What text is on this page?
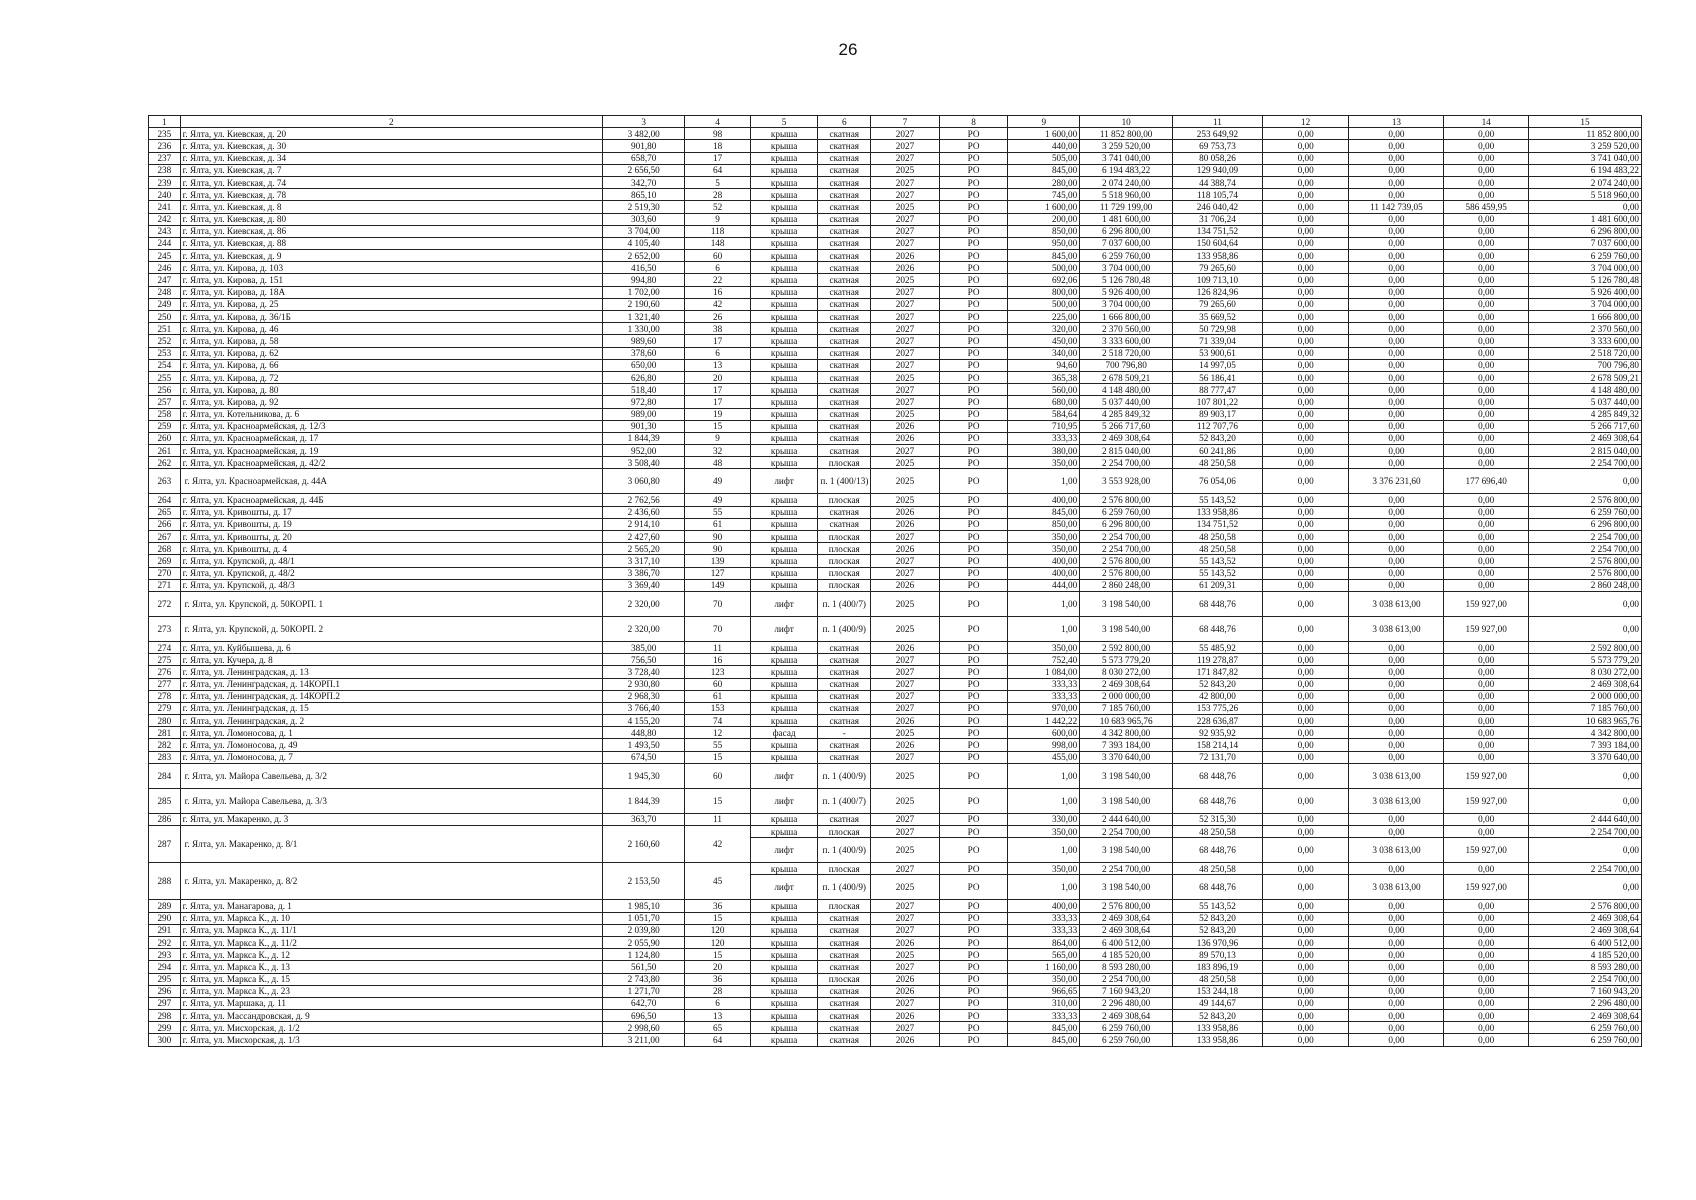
26
1	2	3	4	5	6	7	8	9	10	11	12	13	14	15
235	г. Ялта, ул. Киевская, д. 20	3 482,00	98	крыша	скатная	2027	РО	1 600,00	11 852 800,00	253 649,92	0,00	0,00	0,00	11 852 800,00
236	г. Ялта, ул. Киевская, д. 30	901,80	18	крыша	скатная	2027	РО	440,00	3 259 520,00	69 753,73	0,00	0,00	0,00	3 259 520,00
237	г. Ялта, ул. Киевская, д. 34	658,70	17	крыша	скатная	2027	РО	505,00	3 741 040,00	80 058,26	0,00	0,00	0,00	3 741 040,00
238	г. Ялта, ул. Киевская, д. 7	2 656,50	64	крыша	скатная	2025	РО	845,00	6 194 483,22	129 940,09	0,00	0,00	0,00	6 194 483,22
239	г. Ялта, ул. Киевская, д. 74	342,70	5	крыша	скатная	2027	РО	280,00	2 074 240,00	44 388,74	0,00	0,00	0,00	2 074 240,00
240	г. Ялта, ул. Киевская, д. 78	865,10	28	крыша	скатная	2027	РО	745,00	5 518 960,00	118 105,74	0,00	0,00	0,00	5 518 960,00
241	г. Ялта, ул. Киевская, д. 8	2 519,30	52	крыша	скатная	2025	РО	1 600,00	11 729 199,00	246 040,42	0,00	11 142 739,05	586 459,95	0,00
242	г. Ялта, ул. Киевская, д. 80	303,60	9	крыша	скатная	2027	РО	200,00	1 481 600,00	31 706,24	0,00	0,00	0,00	1 481 600,00
243	г. Ялта, ул. Киевская, д. 86	3 704,00	118	крыша	скатная	2027	РО	850,00	6 296 800,00	134 751,52	0,00	0,00	0,00	6 296 800,00
244	г. Ялта, ул. Киевская, д. 88	4 105,40	148	крыша	скатная	2027	РО	950,00	7 037 600,00	150 604,64	0,00	0,00	0,00	7 037 600,00
245	г. Ялта, ул. Киевская, д. 9	2 652,00	60	крыша	скатная	2026	РО	845,00	6 259 760,00	133 958,86	0,00	0,00	0,00	6 259 760,00
246	г. Ялта, ул. Кирова, д. 103	416,50	6	крыша	скатная	2026	РО	500,00	3 704 000,00	79 265,60	0,00	0,00	0,00	3 704 000,00
247	г. Ялта, ул. Кирова, д. 151	994,80	22	крыша	скатная	2025	РО	692,06	5 126 780,48	109 713,10	0,00	0,00	0,00	5 126 780,48
248	г. Ялта, ул. Кирова, д. 18А	1 702,00	16	крыша	скатная	2027	РО	800,00	5 926 400,00	126 824,96	0,00	0,00	0,00	5 926 400,00
249	г. Ялта, ул. Кирова, д. 25	2 190,60	42	крыша	скатная	2027	РО	500,00	3 704 000,00	79 265,60	0,00	0,00	0,00	3 704 000,00
250	г. Ялта, ул. Кирова, д. 36/1Б	1 321,40	26	крыша	скатная	2027	РО	225,00	1 666 800,00	35 669,52	0,00	0,00	0,00	1 666 800,00
251	г. Ялта, ул. Кирова, д. 46	1 330,00	38	крыша	скатная	2027	РО	320,00	2 370 560,00	50 729,98	0,00	0,00	0,00	2 370 560,00
252	г. Ялта, ул. Кирова, д. 58	989,60	17	крыша	скатная	2027	РО	450,00	3 333 600,00	71 339,04	0,00	0,00	0,00	3 333 600,00
253	г. Ялта, ул. Кирова, д. 62	378,60	6	крыша	скатная	2027	РО	340,00	2 518 720,00	53 900,61	0,00	0,00	0,00	2 518 720,00
254	г. Ялта, ул. Кирова, д. 66	650,00	13	крыша	скатная	2027	РО	94,60	700 796,80	14 997,05	0,00	0,00	0,00	700 796,80
255	г. Ялта, ул. Кирова, д. 72	626,80	20	крыша	скатная	2025	РО	365,38	2 678 509,21	56 186,41	0,00	0,00	0,00	2 678 509,21
256	г. Ялта, ул. Кирова, д. 80	518,40	17	крыша	скатная	2027	РО	560,00	4 148 480,00	88 777,47	0,00	0,00	0,00	4 148 480,00
257	г. Ялта, ул. Кирова, д. 92	972,80	17	крыша	скатная	2027	РО	680,00	5 037 440,00	107 801,22	0,00	0,00	0,00	5 037 440,00
258	г. Ялта, ул. Котельникова, д. 6	989,00	19	крыша	скатная	2025	РО	584,64	4 285 849,32	89 903,17	0,00	0,00	0,00	4 285 849,32
259	г. Ялта, ул. Красноармейская, д. 12/3	901,30	15	крыша	скатная	2026	РО	710,95	5 266 717,60	112 707,76	0,00	0,00	0,00	5 266 717,60
260	г. Ялта, ул. Красноармейская, д. 17	1 844,39	9	крыша	скатная	2026	РО	333,33	2 469 308,64	52 843,20	0,00	0,00	0,00	2 469 308,64
261	г. Ялта, ул. Красноармейская, д. 19	952,00	32	крыша	скатная	2027	РО	380,00	2 815 040,00	60 241,86	0,00	0,00	0,00	2 815 040,00
262	г. Ялта, ул. Красноармейская, д. 42/2	3 508,40	48	крыша	плоская	2025	РО	350,00	2 254 700,00	48 250,58	0,00	0,00	0,00	2 254 700,00
263	г. Ялта, ул. Красноармейская, д. 44А	3 060,80	49	лифт	п. 1 (400/13)	2025	РО	1,00	3 553 928,00	76 054,06	0,00	3 376 231,60	177 696,40	0,00
264	г. Ялта, ул. Красноармейская, д. 44Б	2 762,56	49	крыша	плоская	2025	РО	400,00	2 576 800,00	55 143,52	0,00	0,00	0,00	2 576 800,00
265	г. Ялта, ул. Кривошты, д. 17	2 436,60	55	крыша	скатная	2026	РО	845,00	6 259 760,00	133 958,86	0,00	0,00	0,00	6 259 760,00
266	г. Ялта, ул. Кривошты, д. 19	2 914,10	61	крыша	скатная	2026	РО	850,00	6 296 800,00	134 751,52	0,00	0,00	0,00	6 296 800,00
267	г. Ялта, ул. Кривошты, д. 20	2 427,60	90	крыша	плоская	2027	РО	350,00	2 254 700,00	48 250,58	0,00	0,00	0,00	2 254 700,00
268	г. Ялта, ул. Кривошты, д. 4	2 565,20	90	крыша	плоская	2026	РО	350,00	2 254 700,00	48 250,58	0,00	0,00	0,00	2 254 700,00
269	г. Ялта, ул. Крупской, д. 48/1	3 317,10	139	крыша	плоская	2027	РО	400,00	2 576 800,00	55 143,52	0,00	0,00	0,00	2 576 800,00
270	г. Ялта, ул. Крупской, д. 48/2	3 386,70	127	крыша	плоская	2027	РО	400,00	2 576 800,00	55 143,52	0,00	0,00	0,00	2 576 800,00
271	г. Ялта, ул. Крупской, д. 48/3	3 369,40	149	крыша	плоская	2026	РО	444,00	2 860 248,00	61 209,31	0,00	0,00	0,00	2 860 248,00
272	г. Ялта, ул. Крупской, д. 50КОРП. 1	2 320,00	70	лифт	п. 1 (400/7)	2025	РО	1,00	3 198 540,00	68 448,76	0,00	3 038 613,00	159 927,00	0,00
273	г. Ялта, ул. Крупской, д. 50КОРП. 2	2 320,00	70	лифт	п. 1 (400/9)	2025	РО	1,00	3 198 540,00	68 448,76	0,00	3 038 613,00	159 927,00	0,00
274	г. Ялта, ул. Куйбышева, д. 6	385,00	11	крыша	скатная	2026	РО	350,00	2 592 800,00	55 485,92	0,00	0,00	0,00	2 592 800,00
275	г. Ялта, ул. Кучера, д. 8	756,50	16	крыша	скатная	2027	РО	752,40	5 573 779,20	119 278,87	0,00	0,00	0,00	5 573 779,20
276	г. Ялта, ул. Ленинградская, д. 13	3 728,40	123	крыша	скатная	2027	РО	1 084,00	8 030 272,00	171 847,82	0,00	0,00	0,00	8 030 272,00
277	г. Ялта, ул. Ленинградская, д. 14КОРП.1	2 930,80	60	крыша	скатная	2027	РО	333,33	2 469 308,64	52 843,20	0,00	0,00	0,00	2 469 308,64
278	г. Ялта, ул. Ленинградская, д. 14КОРП.2	2 968,30	61	крыша	скатная	2027	РО	333,33	2 000 000,00	42 800,00	0,00	0,00	0,00	2 000 000,00
279	г. Ялта, ул. Ленинградская, д. 15	3 766,40	153	крыша	скатная	2027	РО	970,00	7 185 760,00	153 775,26	0,00	0,00	0,00	7 185 760,00
280	г. Ялта, ул. Ленинградская, д. 2	4 155,20	74	крыша	скатная	2026	РО	1 442,22	10 683 965,76	228 636,87	0,00	0,00	0,00	10 683 965,76
281	г. Ялта, ул. Ломоносова, д. 1	448,80	12	фасад	-	2025	РО	600,00	4 342 800,00	92 935,92	0,00	0,00	0,00	4 342 800,00
282	г. Ялта, ул. Ломоносова, д. 49	1 493,50	55	крыша	скатная	2026	РО	998,00	7 393 184,00	158 214,14	0,00	0,00	0,00	7 393 184,00
283	г. Ялта, ул. Ломоносова, д. 7	674,50	15	крыша	скатная	2027	РО	455,00	3 370 640,00	72 131,70	0,00	0,00	0,00	3 370 640,00
284	г. Ялта, ул. Майора Савельева, д. 3/2	1 945,30	60	лифт	п. 1 (400/9)	2025	РО	1,00	3 198 540,00	68 448,76	0,00	3 038 613,00	159 927,00	0,00
285	г. Ялта, ул. Майора Савельева, д. 3/3	1 844,39	15	лифт	п. 1 (400/7)	2025	РО	1,00	3 198 540,00	68 448,76	0,00	3 038 613,00	159 927,00	0,00
286	г. Ялта, ул. Макаренко, д. 3	363,70	11	крыша	скатная	2027	РО	330,00	2 444 640,00	52 315,30	0,00	0,00	0,00	2 444 640,00
287	г. Ялта, ул. Макаренко, д. 8/1	2 160,60	42	крыша	плоская	2027	РО	350,00	2 254 700,00	48 250,58	0,00	0,00	0,00	2 254 700,00
				лифт	п. 1 (400/9)	2025	РО	1,00	3 198 540,00	68 448,76	0,00	3 038 613,00	159 927,00	0,00
288	г. Ялта, ул. Макаренко, д. 8/2	2 153,50	45	крыша	плоская	2027	РО	350,00	2 254 700,00	48 250,58	0,00	0,00	0,00	2 254 700,00
				лифт	п. 1 (400/9)	2025	РО	1,00	3 198 540,00	68 448,76	0,00	3 038 613,00	159 927,00	0,00
289	г. Ялта, ул. Манагарова, д. 1	1 985,10	36	крыша	плоская	2027	РО	400,00	2 576 800,00	55 143,52	0,00	0,00	0,00	2 576 800,00
290	г. Ялта, ул. Маркса К., д. 10	1 051,70	15	крыша	скатная	2027	РО	333,33	2 469 308,64	52 843,20	0,00	0,00	0,00	2 469 308,64
291	г. Ялта, ул. Маркса К., д. 11/1	2 039,80	120	крыша	скатная	2027	РО	333,33	2 469 308,64	52 843,20	0,00	0,00	0,00	2 469 308,64
292	г. Ялта, ул. Маркса К., д. 11/2	2 055,90	120	крыша	скатная	2026	РО	864,00	6 400 512,00	136 970,96	0,00	0,00	0,00	6 400 512,00
293	г. Ялта, ул. Маркса К., д. 12	1 124,80	15	крыша	скатная	2025	РО	565,00	4 185 520,00	89 570,13	0,00	0,00	0,00	4 185 520,00
294	г. Ялта, ул. Маркса К., д. 13	561,50	20	крыша	скатная	2027	РО	1 160,00	8 593 280,00	183 896,19	0,00	0,00	0,00	8 593 280,00
295	г. Ялта, ул. Маркса К., д. 15	2 743,80	36	крыша	плоская	2026	РО	350,00	2 254 700,00	48 250,58	0,00	0,00	0,00	2 254 700,00
296	г. Ялта, ул. Маркса К., д. 23	1 271,70	28	крыша	скатная	2026	РО	966,65	7 160 943,20	153 244,18	0,00	0,00	0,00	7 160 943,20
297	г. Ялта, ул. Маршака, д. 11	642,70	6	крыша	скатная	2027	РО	310,00	2 296 480,00	49 144,67	0,00	0,00	0,00	2 296 480,00
298	г. Ялта, ул. Массандровская, д. 9	696,50	13	крыша	скатная	2026	РО	333,33	2 469 308,64	52 843,20	0,00	0,00	0,00	2 469 308,64
299	г. Ялта, ул. Мисхорская, д. 1/2	2 998,60	65	крыша	скатная	2027	РО	845,00	6 259 760,00	133 958,86	0,00	0,00	0,00	6 259 760,00
300	г. Ялта, ул. Мисхорская, д. 1/3	3 211,00	64	крыша	скатная	2026	РО	845,00	6 259 760,00	133 958,86	0,00	0,00	0,00	6 259 760,00
